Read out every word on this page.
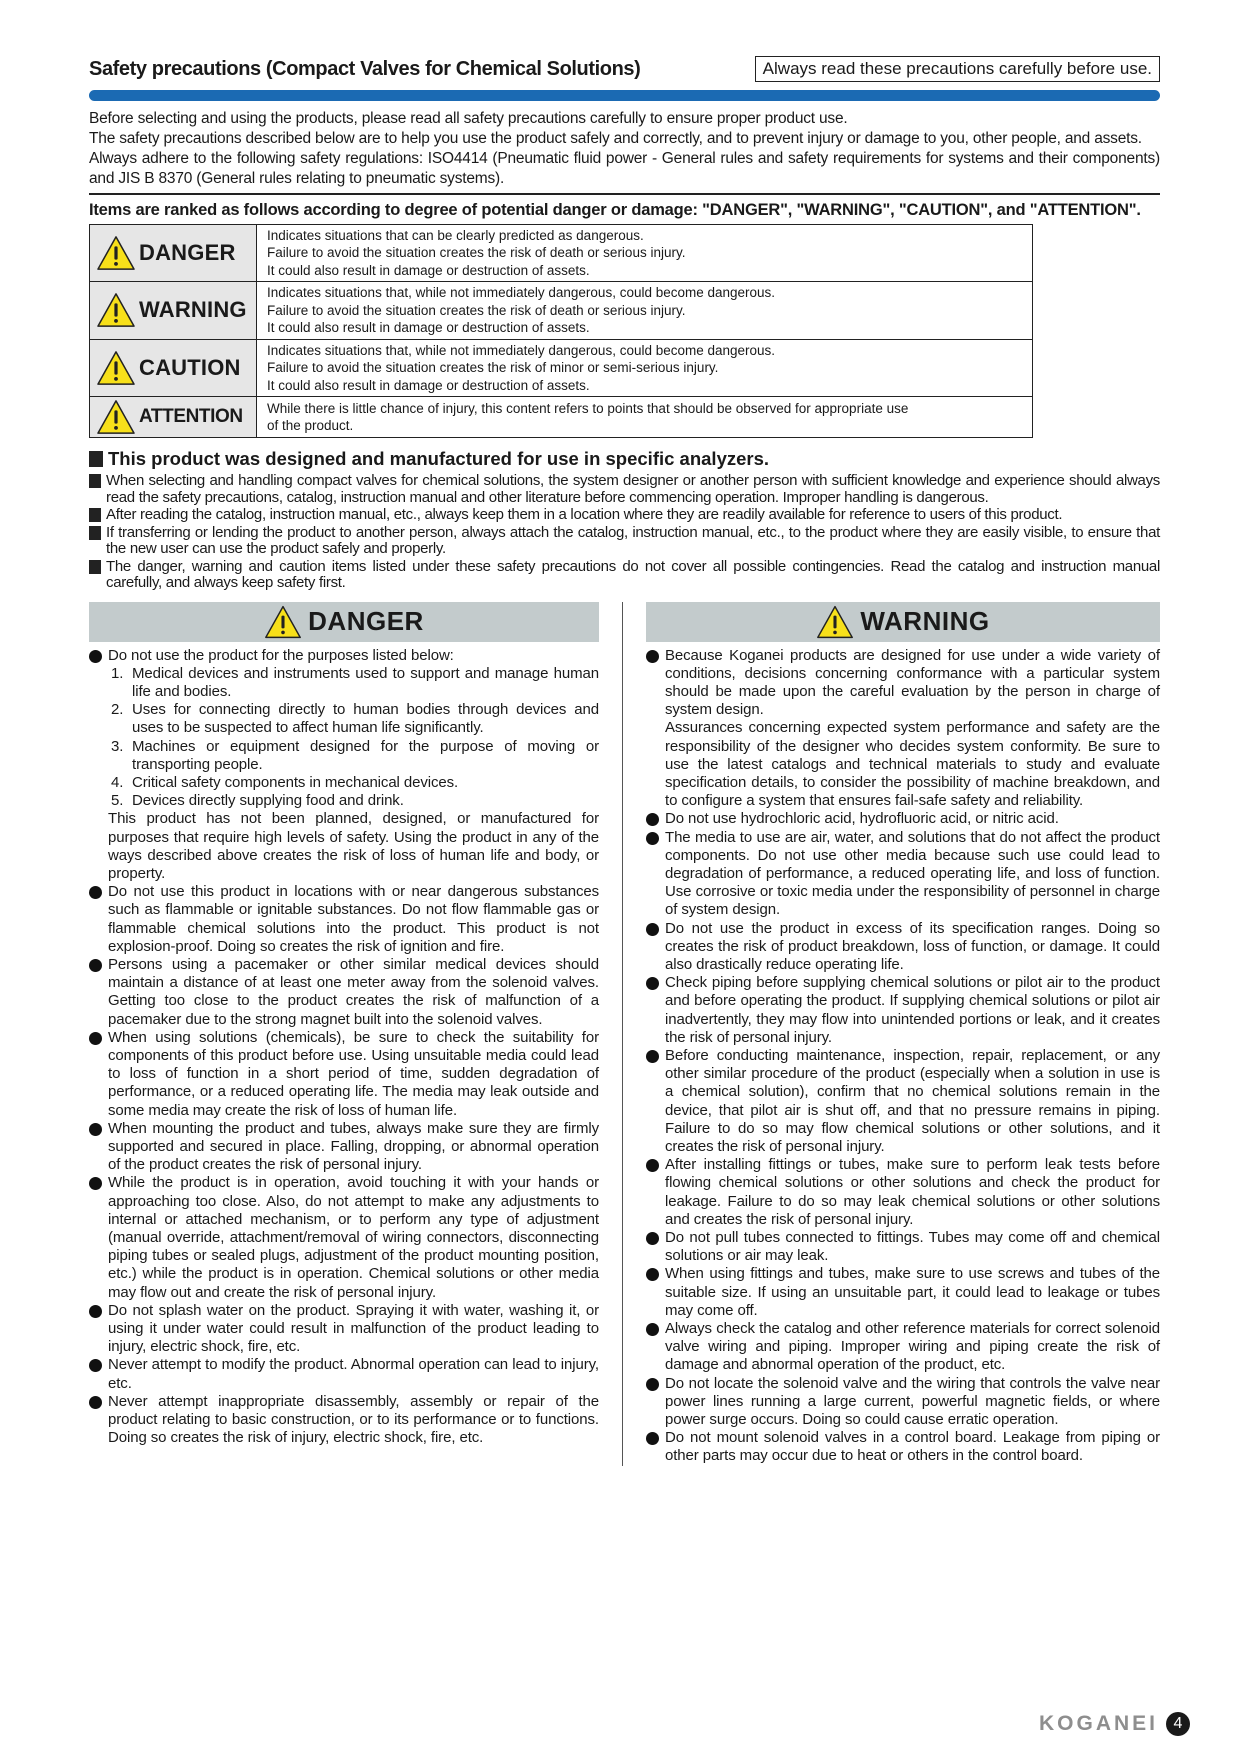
Safety precautions (Compact Valves for Chemical Solutions)	Always read these precautions carefully before use.

Before selecting and using the products, please read all safety precautions carefully to ensure proper product use.

The safety precautions described below are to help you use the product safely and correctly, and to prevent injury or damage to you, other people, and assets.

Always adhere to the following safety regulations: ISO4414 (Pneumatic fluid power - General rules and safety requirements for systems and their components) and JIS B 8370 (General rules relating to pneumatic systems).

Items are ranked as follows according to degree of potential danger or damage: "DANGER", "WARNING", "CAUTION", and "ATTENTION".
DANGER	Indicates situations that can be clearly predicted as dangerous.
Failure to avoid the situation creates the risk of death or serious injury.
It could also result in damage or destruction of assets.

WARNING	Indicates situations that, while not immediately dangerous, could become dangerous.
Failure to avoid the situation creates the risk of death or serious injury.
It could also result in damage or destruction of assets.

CAUTION	Indicates situations that, while not immediately dangerous, could become dangerous.
Failure to avoid the situation creates the risk of minor or semi-serious injury.
It could also result in damage or destruction of assets.

ATTENTION	While there is little chance of injury, this content refers to points that should be observed for appropriate use
of the product.
This product was designed and manufactured for use in specific analyzers.
When selecting and handling compact valves for chemical solutions, the system designer or another person with sufficient knowledge and experience should always read the safety precautions, catalog, instruction manual and other literature before commencing operation. Improper handling is dangerous.
After reading the catalog, instruction manual, etc., always keep them in a location where they are readily available for reference to users of this product.
If transferring or lending the product to another person, always attach the catalog, instruction manual, etc., to the product where they are easily visible, to ensure that the new user can use the product safely and properly.
The danger, warning and caution items listed under these safety precautions do not cover all possible contingencies. Read the catalog and instruction manual carefully, and always keep safety first.
DANGER
Do not use the product for the purposes listed below:
1. Medical devices and instruments used to support and manage human life and bodies.
2. Uses for connecting directly to human bodies through devices and uses to be suspected to affect human life significantly.
3. Machines or equipment designed for the purpose of moving or transporting people.
4. Critical safety components in mechanical devices.
5. Devices directly supplying food and drink.
This product has not been planned, designed, or manufactured for purposes that require high levels of safety. Using the product in any of the ways described above creates the risk of loss of human life and body, or property.
Do not use this product in locations with or near dangerous substances such as flammable or ignitable substances. Do not flow flammable gas or flammable chemical solutions into the product. This product is not explosion-proof. Doing so creates the risk of ignition and fire.
Persons using a pacemaker or other similar medical devices should maintain a distance of at least one meter away from the solenoid valves. Getting too close to the product creates the risk of malfunction of a pacemaker due to the strong magnet built into the solenoid valves.
When using solutions (chemicals), be sure to check the suitability for components of this product before use. Using unsuitable media could lead to loss of function in a short period of time, sudden degradation of performance, or a reduced operating life. The media may leak outside and some media may create the risk of loss of human life.
When mounting the product and tubes, always make sure they are firmly supported and secured in place. Falling, dropping, or abnormal operation of the product creates the risk of personal injury.
While the product is in operation, avoid touching it with your hands or approaching too close. Also, do not attempt to make any adjustments to internal or attached mechanism, or to perform any type of adjustment (manual override, attachment/removal of wiring connectors, disconnecting piping tubes or sealed plugs, adjustment of the product mounting position, etc.) while the product is in operation. Chemical solutions or other media may flow out and create the risk of personal injury.
Do not splash water on the product. Spraying it with water, washing it, or using it under water could result in malfunction of the product leading to injury, electric shock, fire, etc.
Never attempt to modify the product. Abnormal operation can lead to injury, etc.
Never attempt inappropriate disassembly, assembly or repair of the product relating to basic construction, or to its performance or to functions. Doing so creates the risk of injury, electric shock, fire, etc.
WARNING
Because Koganei products are designed for use under a wide variety of conditions, decisions concerning conformance with a particular system should be made upon the careful evaluation by the person in charge of system design.
Assurances concerning expected system performance and safety are the responsibility of the designer who decides system conformity. Be sure to use the latest catalogs and technical materials to study and evaluate specification details, to consider the possibility of machine breakdown, and to configure a system that ensures fail-safe safety and reliability.
Do not use hydrochloric acid, hydrofluoric acid, or nitric acid.
The media to use are air, water, and solutions that do not affect the product components. Do not use other media because such use could lead to degradation of performance, a reduced operating life, and loss of function. Use corrosive or toxic media under the responsibility of personnel in charge of system design.
Do not use the product in excess of its specification ranges. Doing so creates the risk of product breakdown, loss of function, or damage. It could also drastically reduce operating life.
Check piping before supplying chemical solutions or pilot air to the product and before operating the product. If supplying chemical solutions or pilot air inadvertently, they may flow into unintended portions or leak, and it creates the risk of personal injury.
Before conducting maintenance, inspection, repair, replacement, or any other similar procedure of the product (especially when a solution in use is a chemical solution), confirm that no chemical solutions remain in the device, that pilot air is shut off, and that no pressure remains in piping. Failure to do so may flow chemical solutions or other solutions, and it creates the risk of personal injury.
After installing fittings or tubes, make sure to perform leak tests before flowing chemical solutions or other solutions and check the product for leakage. Failure to do so may leak chemical solutions or other solutions and creates the risk of personal injury.
Do not pull tubes connected to fittings. Tubes may come off and chemical solutions or air may leak.
When using fittings and tubes, make sure to use screws and tubes of the suitable size. If using an unsuitable part, it could lead to leakage or tubes may come off.
Always check the catalog and other reference materials for correct solenoid valve wiring and piping. Improper wiring and piping create the risk of damage and abnormal operation of the product, etc.
Do not locate the solenoid valve and the wiring that controls the valve near power lines running a large current, powerful magnetic fields, or where power surge occurs. Doing so could cause erratic operation.
Do not mount solenoid valves in a control board. Leakage from piping or other parts may occur due to heat or others in the control board.
KOGANEI 4
